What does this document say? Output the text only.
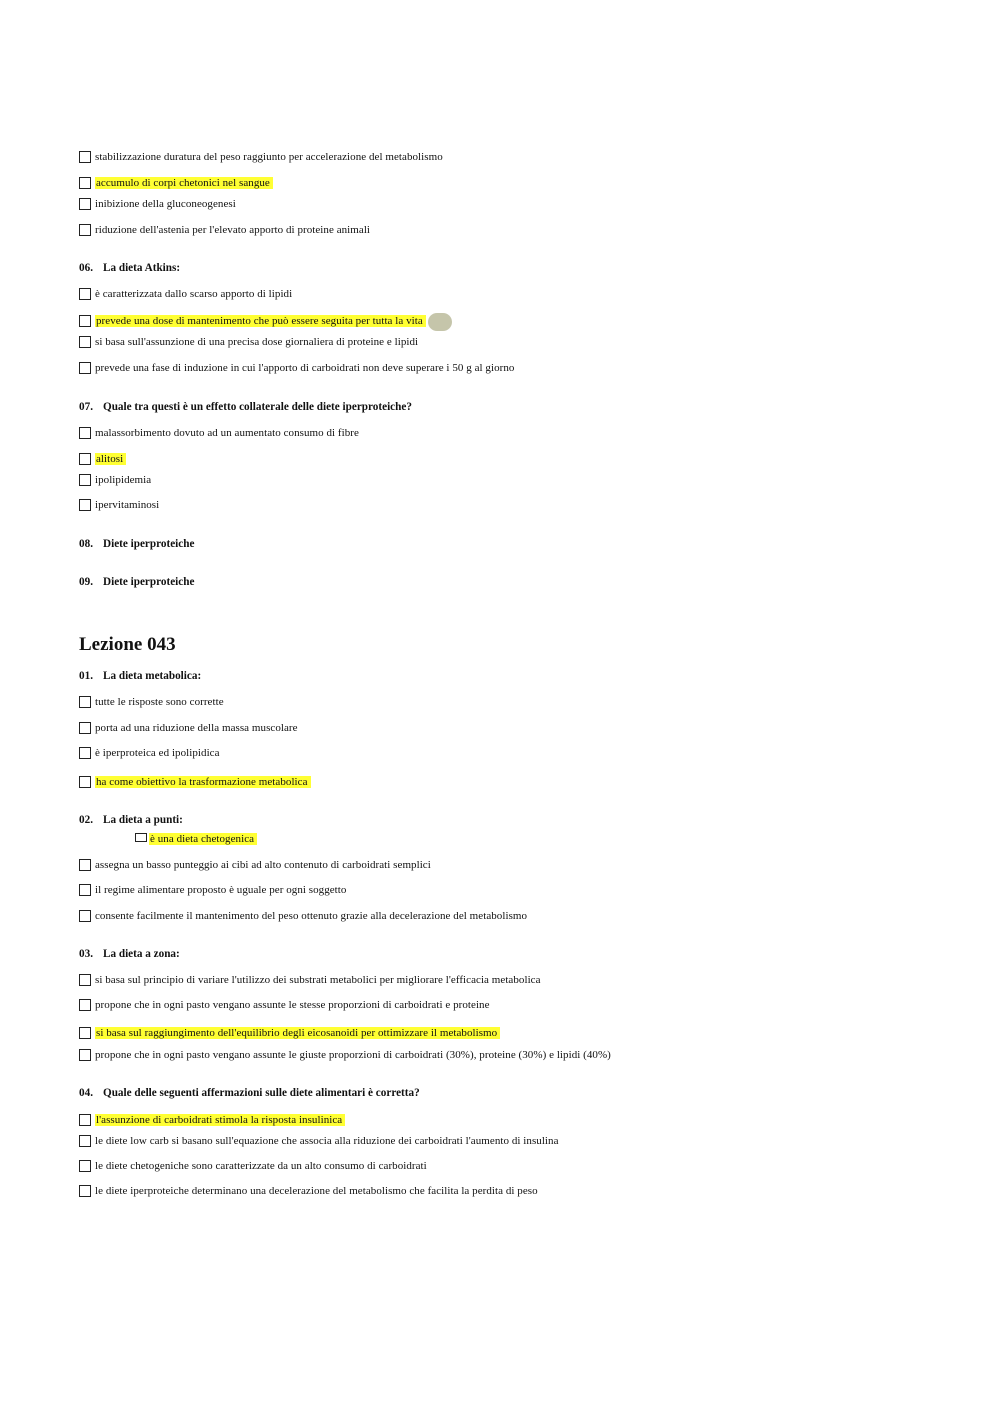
stabilizzazione duratura del peso raggiunto per accelerazione del metabolismo
accumulo di corpi chetonici nel sangue
inibizione della gluconeogenesi
riduzione dell'astenia per l'elevato apporto di proteine animali
06. La dieta Atkins:
è caratterizzata dallo scarso apporto di lipidi
prevede una dose di mantenimento che può essere seguita per tutta la vita
si basa sull'assunzione di una precisa dose giornaliera di proteine e lipidi
prevede una fase di induzione in cui l'apporto di carboidrati non deve superare i 50 g al giorno
07. Quale tra questi è un effetto collaterale delle diete iperproteiche?
malassorbimento dovuto ad un aumentato consumo di fibre
alitosi
ipolipidemia
ipervitaminosi
08. Diete iperproteiche
09. Diete iperproteiche
Lezione 043
01. La dieta metabolica:
tutte le risposte sono corrette
porta ad una riduzione della massa muscolare
è iperproteica ed ipolipidica
ha come obiettivo la trasformazione metabolica
02. La dieta a punti:
è una dieta chetogenica
assegna un basso punteggio ai cibi ad alto contenuto di carboidrati semplici
il regime alimentare proposto è uguale per ogni soggetto
consente facilmente il mantenimento del peso ottenuto grazie alla decelerazione del metabolismo
03. La dieta a zona:
si basa sul principio di variare l'utilizzo dei substrati metabolici per migliorare l'efficacia metabolica
propone che in ogni pasto vengano assunte le stesse proporzioni di carboidrati e proteine
si basa sul raggiungimento dell'equilibrio degli eicosanoidi per ottimizzare il metabolismo
propone che in ogni pasto vengano assunte le giuste proporzioni di carboidrati (30%), proteine (30%) e lipidi (40%)
04. Quale delle seguenti affermazioni sulle diete alimentari è corretta?
l'assunzione di carboidrati stimola la risposta insulinica
le diete low carb si basano sull'equazione che associa alla riduzione dei carboidrati l'aumento di insulina
le diete chetogeniche sono caratterizzate da un alto consumo di carboidrati
le diete iperproteiche determinano una decelerazione del metabolismo che facilita la perdita di peso
